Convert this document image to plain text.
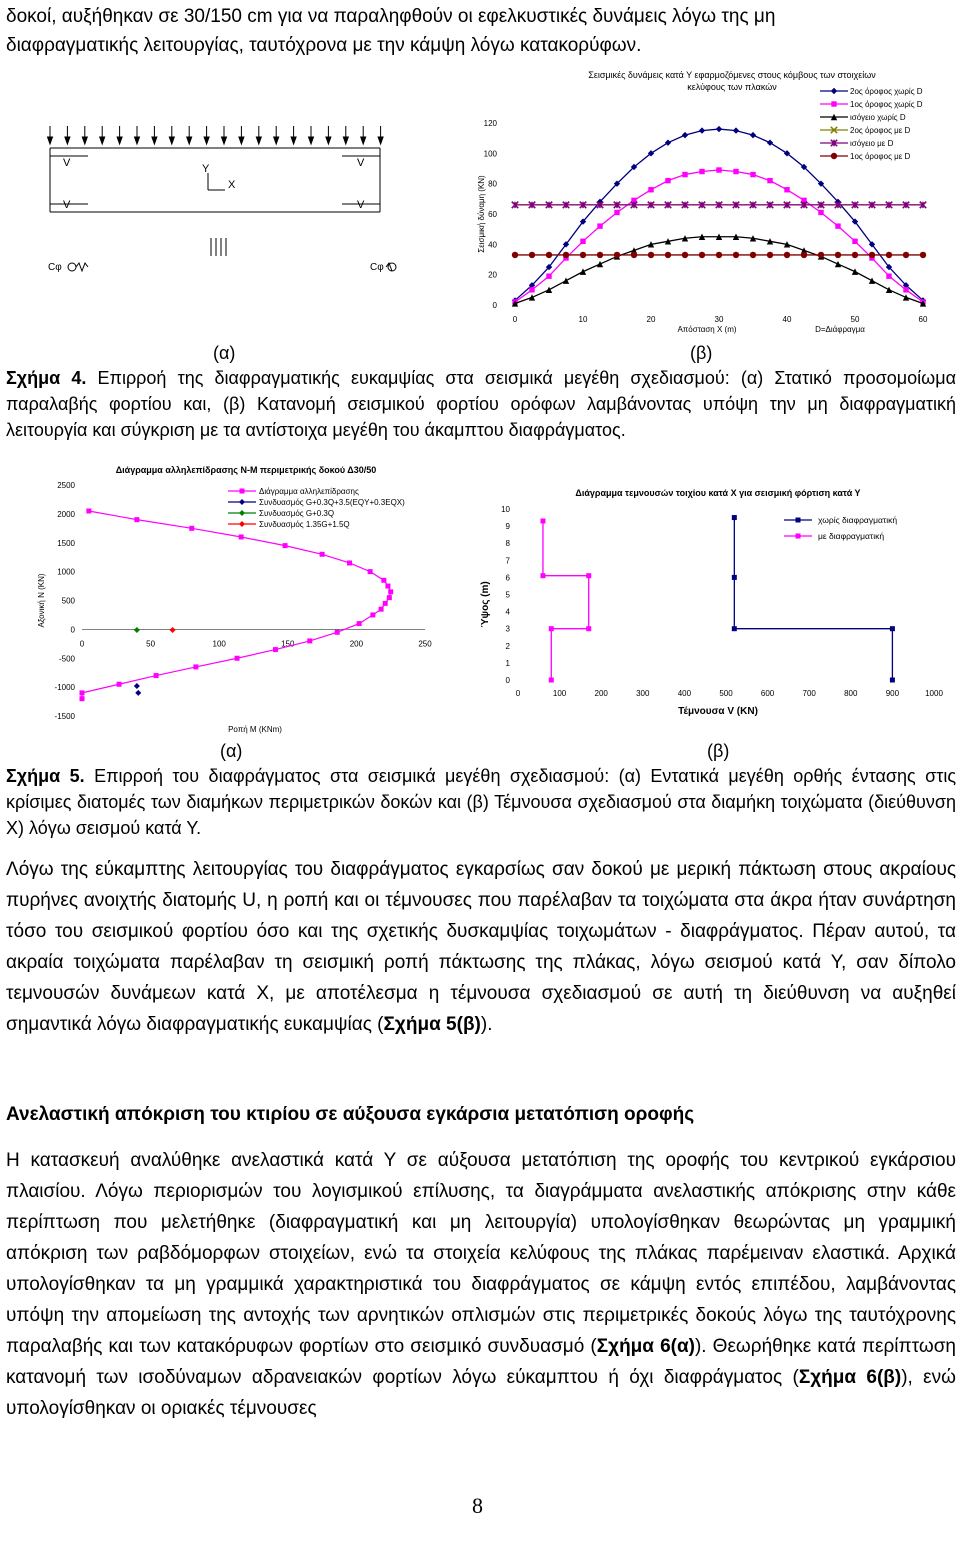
δοκοί, αυξήθηκαν σε 30/150 cm για να παραληφθούν οι εφελκυστικές δυνάμεις λόγω της μη

διαφραγματικής λειτουργίας, ταυτόχρονα με την κάμψη λόγω κατακορύφων.

V	V
V	V
Y
X
Cφ	Cφ
Σεισμικές δυνάμεις κατά Υ εφαρμοζόμενες στους κόμβους των στοιχείων
κελύφους των πλακών
0
20
40
60
80
100
120
0	10	20	30	40	50	60
Απόσταση Χ (m)	D=Διάφραγμα
Σεισμική δύναμη (KN)
2ος όροφος χωρίς D
1ος όροφος χωρίς D
ισόγειο χωρίς D
2ος όροφος με D
ισόγειο με D
1ος όροφος με D
(α)	(β)

Σχήμα 4. Επιρροή της διαφραγματικής ευκαμψίας στα σεισμικά μεγέθη σχεδιασμού: (α) Στατικό προσομοίωμα παραλαβής φορτίου και, (β) Κατανομή σεισμικού φορτίου ορόφων λαμβάνοντας υπόψη την μη διαφραγματική λειτουργία και σύγκριση με τα αντίστοιχα μεγέθη του άκαμπτου διαφράγματος.

Διάγραμμα αλληλεπίδρασης N-M περιμετρικής δοκού Δ30/50
-1500
-1000
-500
0
500
1000
1500
2000
2500
0	50	100	150	200	250
Ροπή M (KNm)
Αξονική N (KN)
Διάγραμμα αλληλεπίδρασης
Συνδυασμός G+0.3Q+3.5(EQY+0.3EQX)
Συνδυασμός G+0.3Q
Συνδυασμός 1.35G+1.5Q
Διάγραμμα τεμνουσών τοιχίου κατά Χ για σεισμική φόρτιση κατά Υ
0
1
2
3
4
5
6
7
8
9
10
0	100	200	300	400	500	600	700	800	900	1000
Τέμνουσα V (KN)
Ύψος (m)
χωρίς διαφραγματική
με διαφραγματική
(α)	(β)

Σχήμα 5. Επιρροή του διαφράγματος στα σεισμικά μεγέθη σχεδιασμού: (α) Εντατικά μεγέθη ορθής έντασης στις κρίσιμες διατομές των διαμήκων περιμετρικών δοκών και (β) Τέμνουσα σχεδιασμού στα διαμήκη τοιχώματα (διεύθυνση Χ) λόγω σεισμού κατά Υ.

Λόγω της εύκαμπτης λειτουργίας του διαφράγματος εγκαρσίως σαν δοκού με μερική πάκτωση στους ακραίους πυρήνες ανοιχτής διατομής U, η ροπή και οι τέμνουσες που παρέλαβαν τα τοιχώματα στα άκρα ήταν συνάρτηση τόσο του σεισμικού φορτίου όσο και της σχετικής δυσκαμψίας τοιχωμάτων - διαφράγματος. Πέραν αυτού, τα ακραία τοιχώματα παρέλαβαν τη σεισμική ροπή πάκτωσης της πλάκας, λόγω σεισμού κατά Υ, σαν δίπολο τεμνουσών δυνάμεων κατά Χ, με αποτέλεσμα η τέμνουσα σχεδιασμού σε αυτή τη διεύθυνση να αυξηθεί σημαντικά λόγω διαφραγματικής ευκαμψίας (Σχήμα 5(β)).

Ανελαστική απόκριση του κτιρίου σε αύξουσα εγκάρσια μετατόπιση οροφής

Η κατασκευή αναλύθηκε ανελαστικά κατά Υ σε αύξουσα μετατόπιση της οροφής του κεντρικού εγκάρσιου πλαισίου. Λόγω περιορισμών του λογισμικού επίλυσης, τα διαγράμματα ανελαστικής απόκρισης στην κάθε περίπτωση που μελετήθηκε (διαφραγματική και μη λειτουργία) υπολογίσθηκαν θεωρώντας μη γραμμική απόκριση των ραβδόμορφων στοιχείων, ενώ τα στοιχεία κελύφους της πλάκας παρέμειναν ελαστικά. Αρχικά υπολογίσθηκαν τα μη γραμμικά χαρακτηριστικά του διαφράγματος σε κάμψη εντός επιπέδου, λαμβάνοντας υπόψη την απομείωση της αντοχής των αρνητικών οπλισμών στις περιμετρικές δοκούς λόγω της ταυτόχρονης παραλαβής και των κατακόρυφων φορτίων στο σεισμικό συνδυασμό (Σχήμα 6(α)). Θεωρήθηκε κατά περίπτωση κατανομή των ισοδύναμων αδρανειακών φορτίων λόγω εύκαμπτου ή όχι διαφράγματος (Σχήμα 6(β)), ενώ υπολογίσθηκαν οι οριακές τέμνουσες

8
